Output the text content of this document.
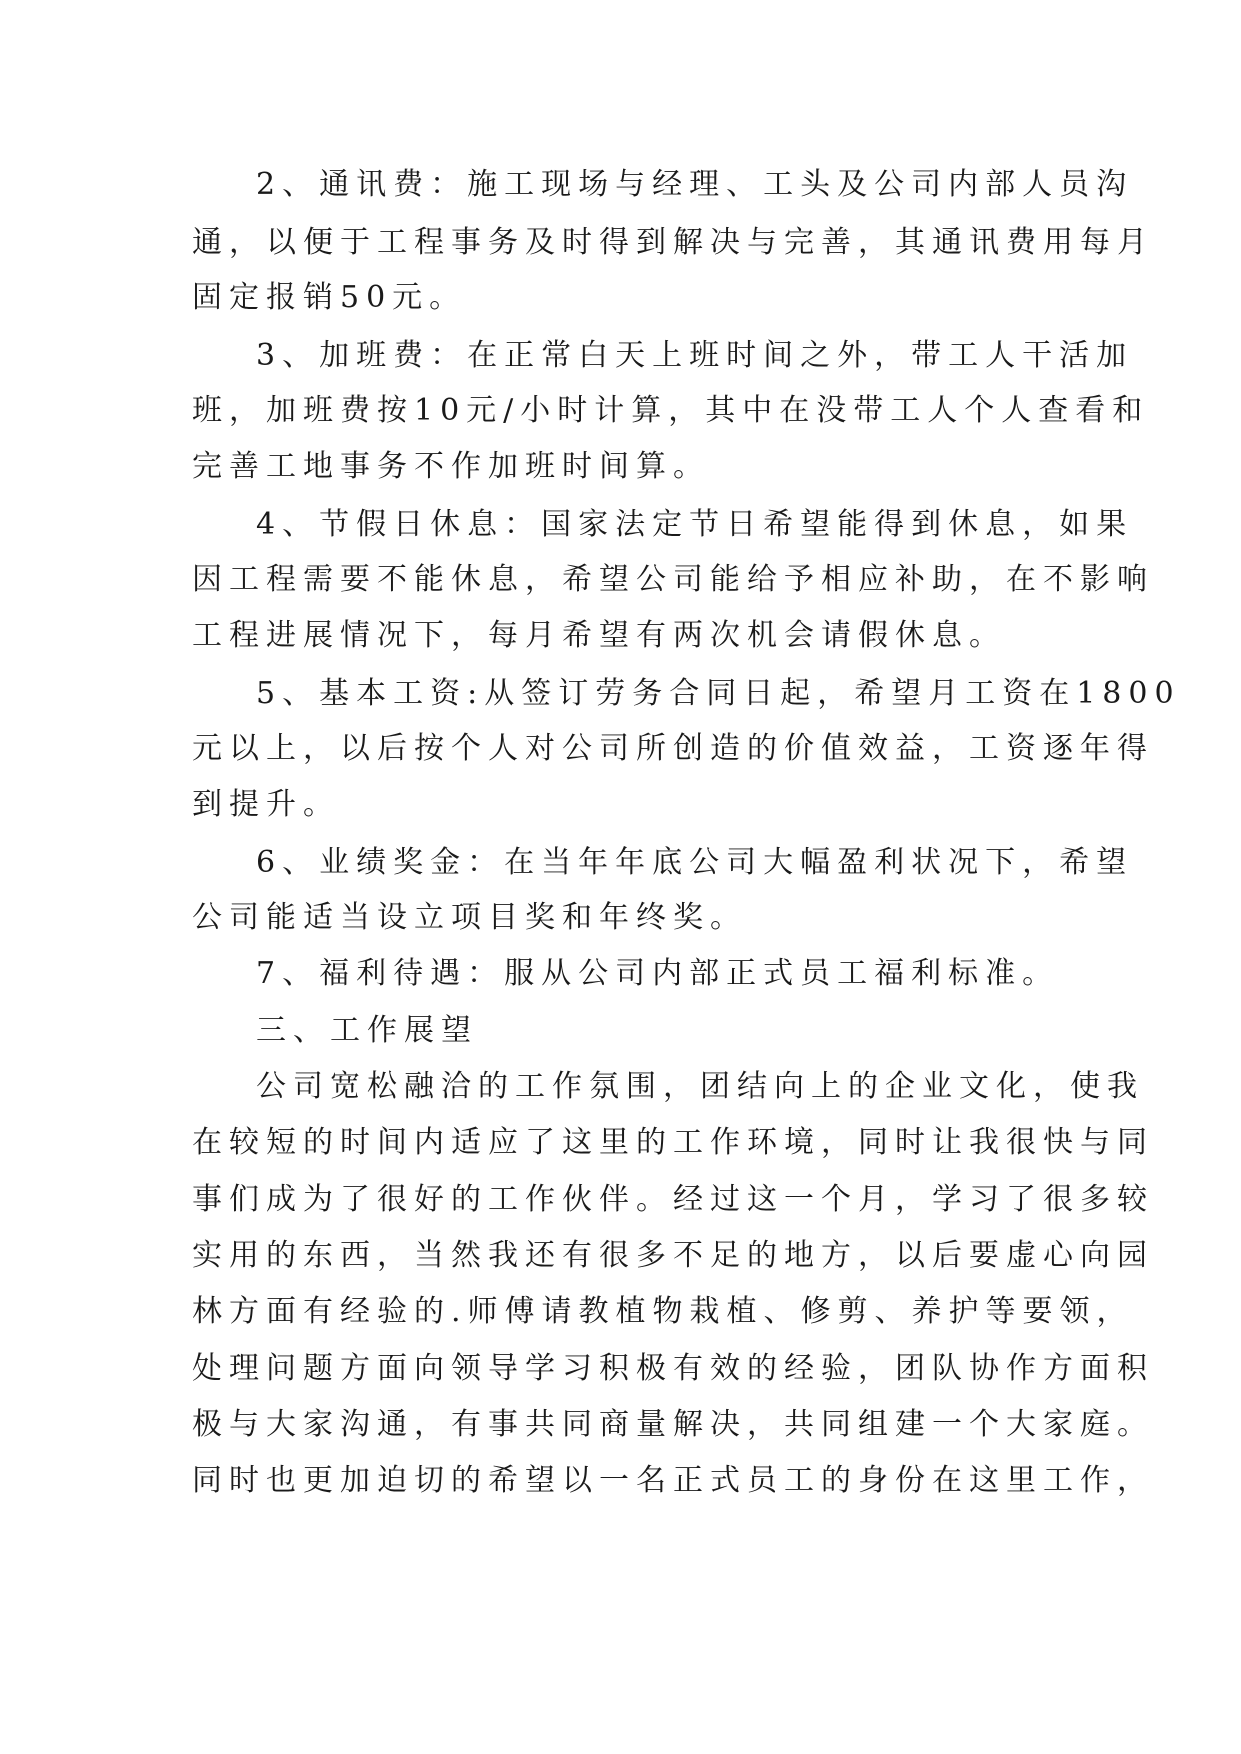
2、通讯费：施工现场与经理、工头及公司内部人员沟
通，以便于工程事务及时得到解决与完善，其通讯费用每月
固定报销50元。
3、加班费：在正常白天上班时间之外，带工人干活加
班，加班费按10元/小时计算，其中在没带工人个人查看和
完善工地事务不作加班时间算。
4、节假日休息：国家法定节日希望能得到休息，如果
因工程需要不能休息，希望公司能给予相应补助，在不影响
工程进展情况下，每月希望有两次机会请假休息。
5、基本工资:从签订劳务合同日起，希望月工资在1800
元以上，以后按个人对公司所创造的价值效益，工资逐年得
到提升。
6、业绩奖金：在当年年底公司大幅盈利状况下，希望
公司能适当设立项目奖和年终奖。
7、福利待遇：服从公司内部正式员工福利标准。
三、工作展望
公司宽松融洽的工作氛围，团结向上的企业文化，使我
在较短的时间内适应了这里的工作环境，同时让我很快与同
事们成为了很好的工作伙伴。经过这一个月，学习了很多较
实用的东西，当然我还有很多不足的地方，以后要虚心向园
林方面有经验的.师傅请教植物栽植、修剪、养护等要领，
处理问题方面向领导学习积极有效的经验，团队协作方面积
极与大家沟通，有事共同商量解决，共同组建一个大家庭。
同时也更加迫切的希望以一名正式员工的身份在这里工作，
